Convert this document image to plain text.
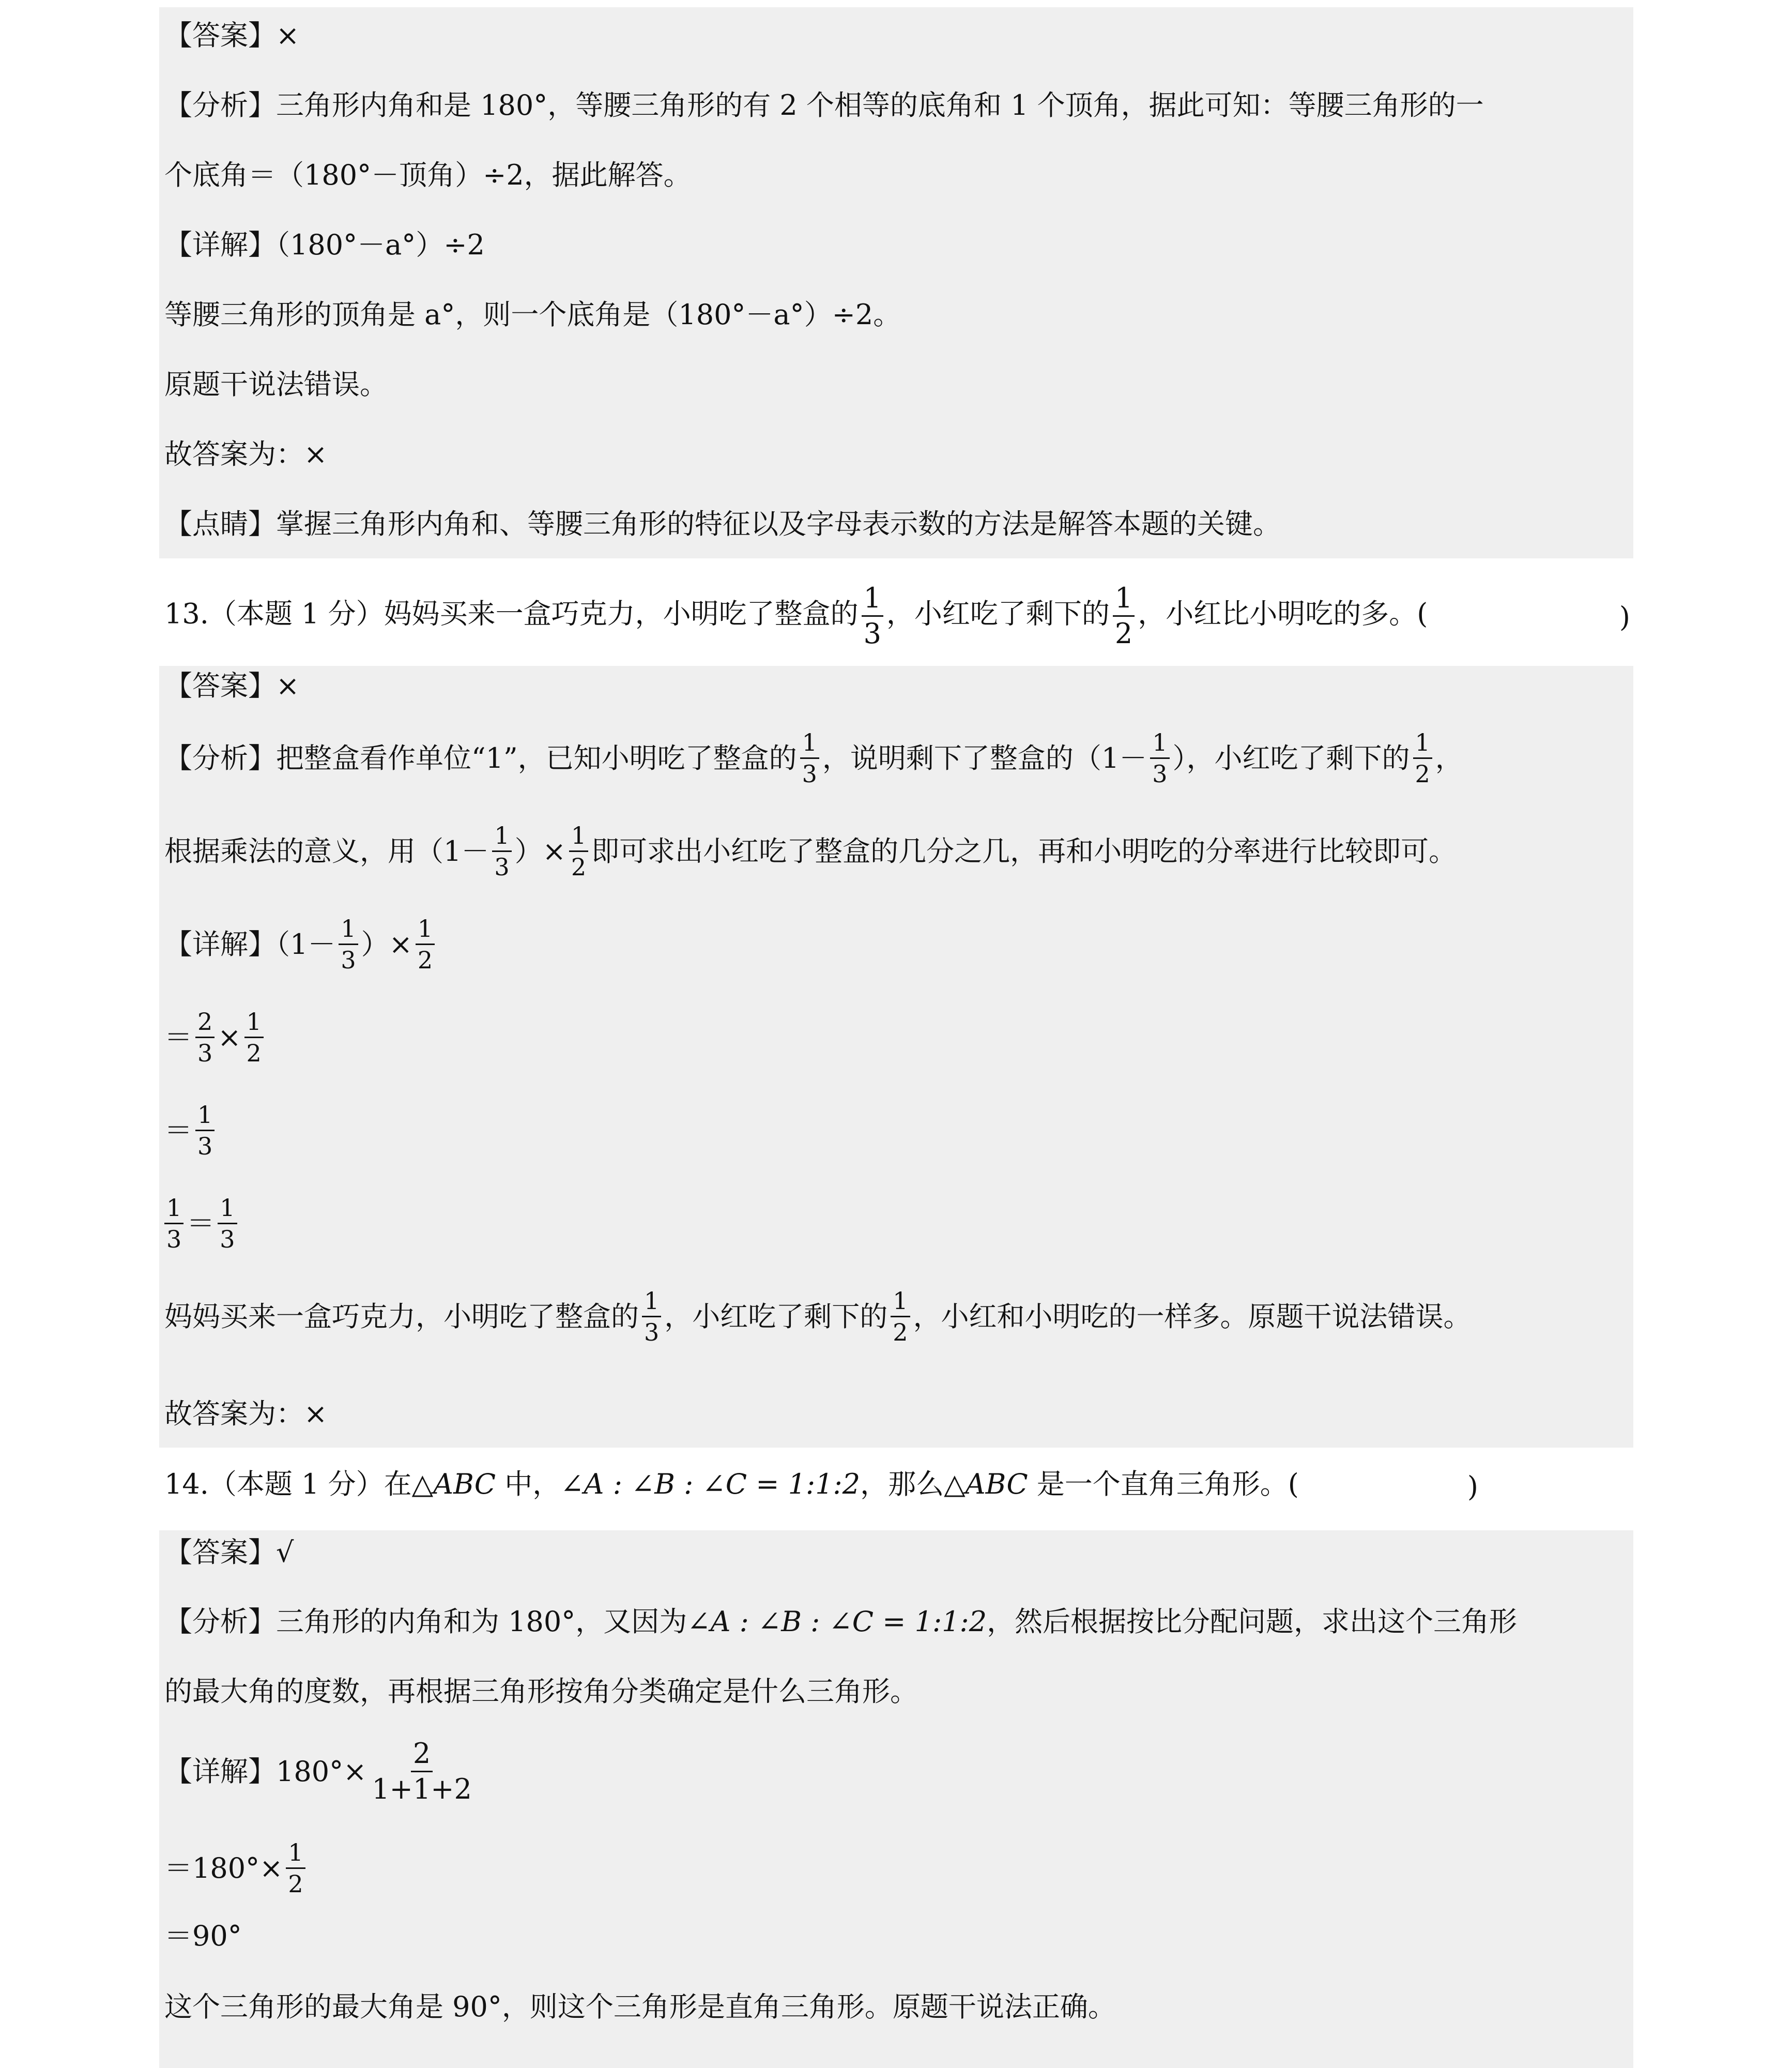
【答案】×
【分析】三角形内角和是 180°，等腰三角形的有 2 个相等的底角和 1 个顶角，据此可知：等腰三角形的一
个底角＝（180°－顶角）÷2，据此解答。
【详解】（180°－a°）÷2
等腰三角形的顶角是 a°，则一个底角是（180°－a°）÷2。
原题干说法错误。
故答案为：×
【点睛】掌握三角形内角和、等腰三角形的特征以及字母表示数的方法是解答本题的关键。
13.（本题 1 分）妈妈买来一盒巧克力，小明吃了整盒的 $\frac{1}{3}$ ，小红吃了剩下的 $\frac{1}{2}$ ，小红比小明吃的多。(	)
【答案】×
【分析】把整盒看作单位“1”，已知小明吃了整盒的 $\frac{1}{3}$ ，说明剩下了整盒的（$1- \frac{1}{3}$ ），小红吃了剩下的 $\frac{1}{2}$ ，
根据乘法的意义，用（$1- \frac{1}{3}$ ）× $\frac{1}{2}$ 即可求出小红吃了整盒的几分之几，再和小明吃的分率进行比较即可。
【详解】（$1- \frac{1}{3}$ ）× $\frac{1}{2}$
＝ $\frac{2}{3} \times \frac{1}{2}$
＝ $\frac{1}{3}$
$\frac{1}{3} = \frac{1}{3}$
妈妈买来一盒巧克力，小明吃了整盒的 $\frac{1}{3}$ ，小红吃了剩下的 $\frac{1}{2}$ ，小红和小明吃的一样多。原题干说法错误。
故答案为：×
14.（本题 1 分）在△ABC 中，∠A : ∠B : ∠C = 1:1:2，那么△ABC 是一个直角三角形。(	)
【答案】√
【分析】三角形的内角和为 180°，又因为∠A : ∠B : ∠C = 1:1:2，然后根据按比分配问题，求出这个三角形
的最大角的度数，再根据三角形按角分类确定是什么三角形。
【详解】$180^\circ\times \frac{2}{1+1+2}$
$=180^\circ\times \frac{1}{2}$
＝90°
这个三角形的最大角是 90°，则这个三角形是直角三角形。原题干说法正确。
